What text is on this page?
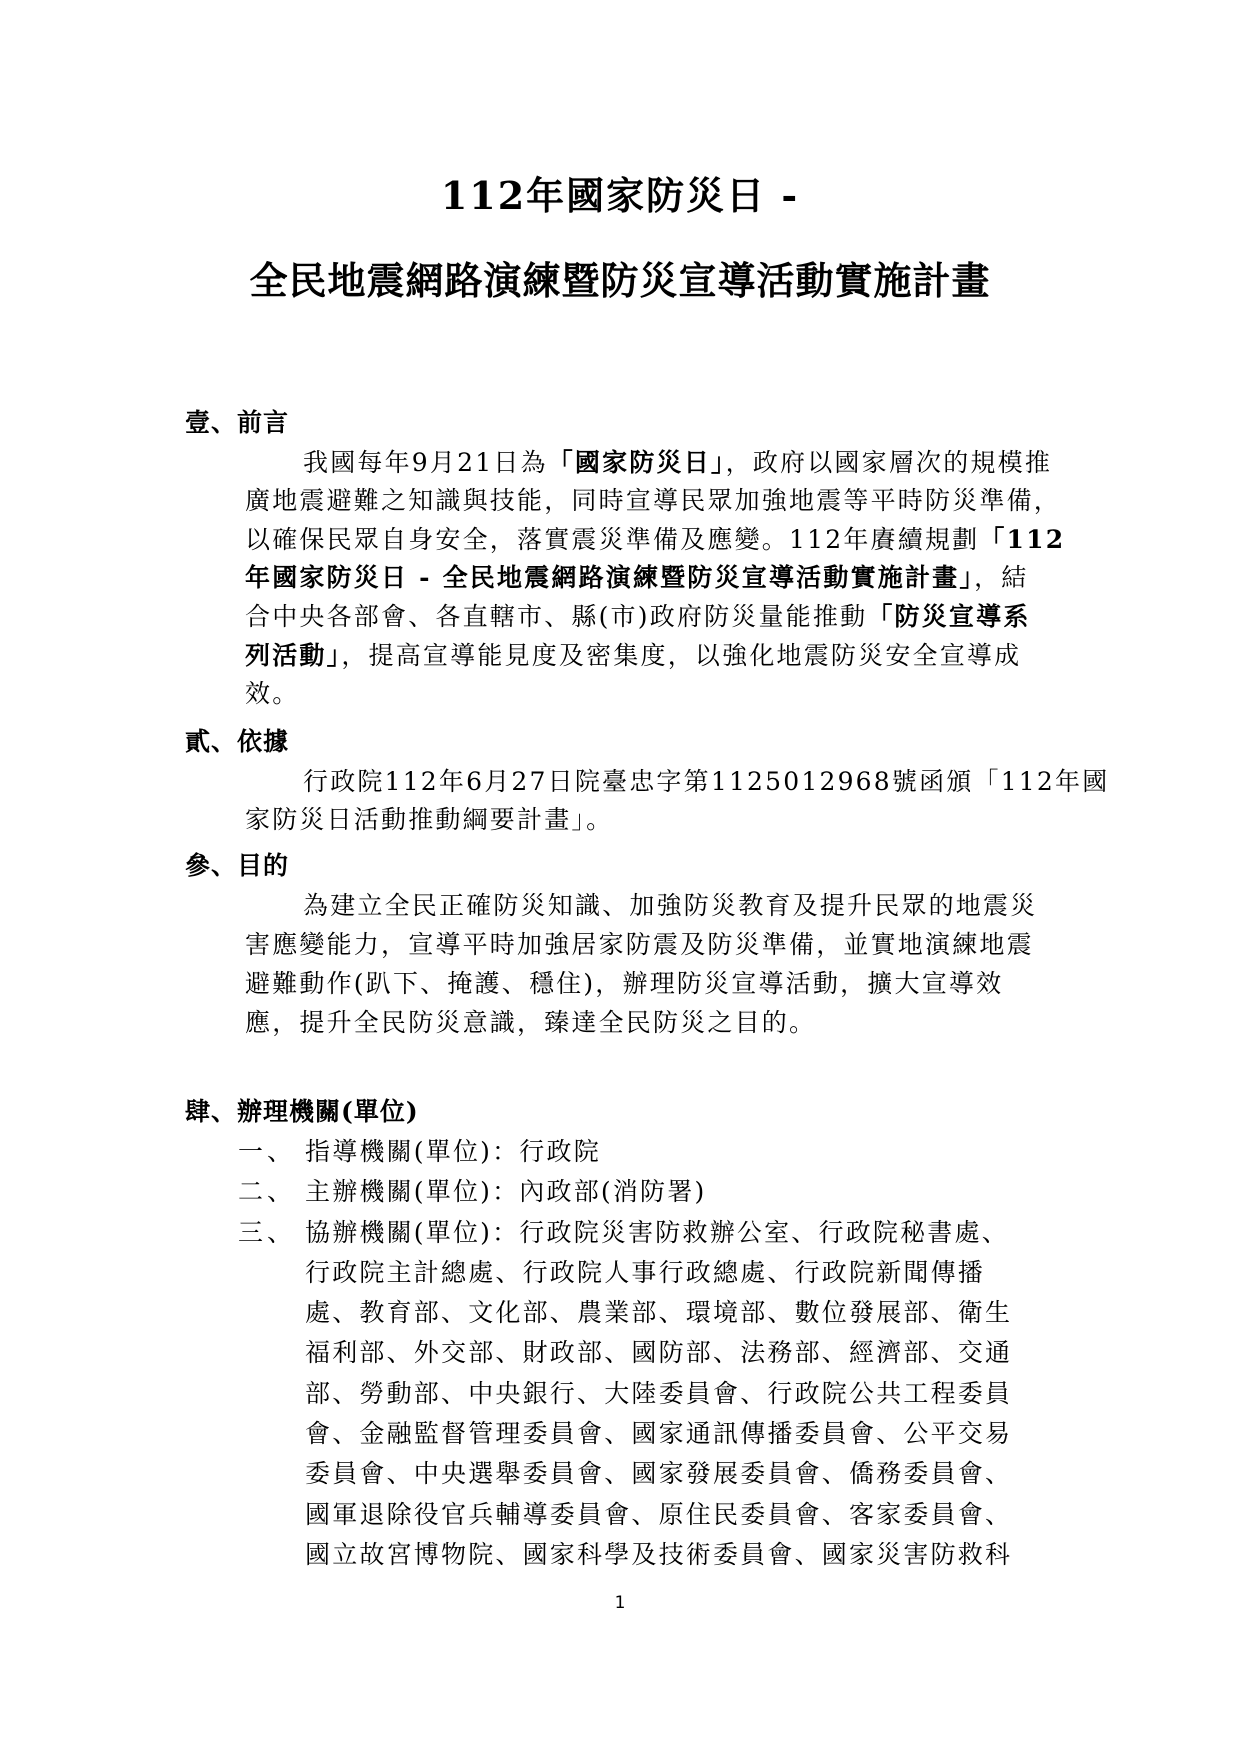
112年國家防災日 -
全民地震網路演練暨防災宣導活動實施計畫
壹、前言
我國每年9月21日為「國家防災日」，政府以國家層次的規模推
廣地震避難之知識與技能，同時宣導民眾加強地震等平時防災準備，
以確保民眾自身安全，落實震災準備及應變。112年賡續規劃「112
年國家防災日 - 全民地震網路演練暨防災宣導活動實施計畫」，結
合中央各部會、各直轄市、縣(市)政府防災量能推動「防災宣導系
列活動」，提高宣導能見度及密集度，以強化地震防災安全宣導成
效。
貳、依據
行政院112年6月27日院臺忠字第1125012968號函頒「112年國
家防災日活動推動綱要計畫」。
參、目的
為建立全民正確防災知識、加強防災教育及提升民眾的地震災
害應變能力，宣導平時加強居家防震及防災準備，並實地演練地震
避難動作(趴下、掩護、穩住)，辦理防災宣導活動，擴大宣導效
應，提升全民防災意識，臻達全民防災之目的。
肆、辦理機關(單位)
一、 指導機關(單位)：行政院
二、 主辦機關(單位)：內政部(消防署)
三、 協辦機關(單位)：行政院災害防救辦公室、行政院秘書處、
行政院主計總處、行政院人事行政總處、行政院新聞傳播
處、教育部、文化部、農業部、環境部、數位發展部、衛生
福利部、外交部、財政部、國防部、法務部、經濟部、交通
部、勞動部、中央銀行、大陸委員會、行政院公共工程委員
會、金融監督管理委員會、國家通訊傳播委員會、公平交易
委員會、中央選舉委員會、國家發展委員會、僑務委員會、
國軍退除役官兵輔導委員會、原住民委員會、客家委員會、
國立故宮博物院、國家科學及技術委員會、國家災害防救科
1
